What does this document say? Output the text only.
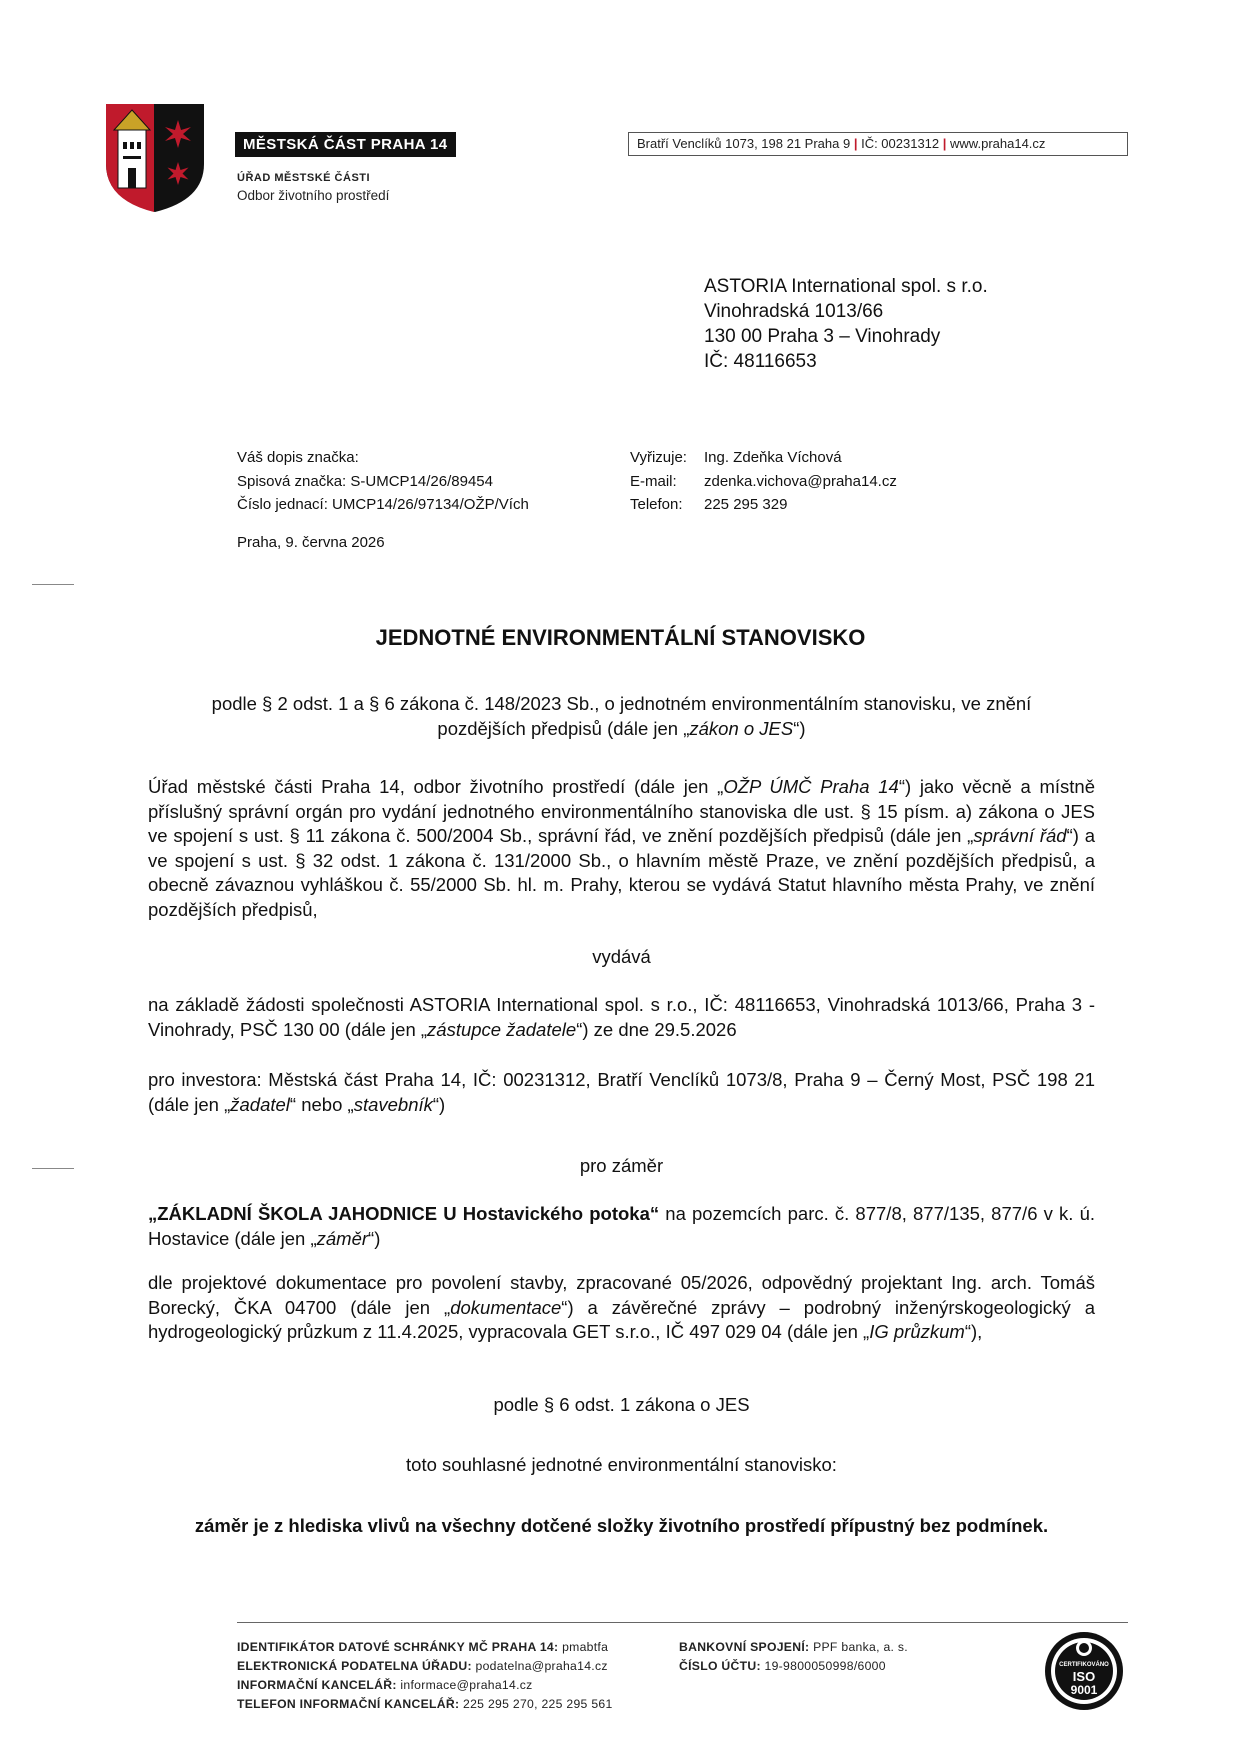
MĚSTSKÁ ČÁST PRAHA 14
ÚŘAD MĚSTSKÉ ČÁSTI
Odbor životního prostředí
Bratří Venclíků 1073, 198 21 Praha 9 | IČ: 00231312 | www.praha14.cz
ASTORIA International spol. s r.o.
Vinohradská 1013/66
130 00 Praha 3 – Vinohrady
IČ: 48116653
Váš dopis značka:
Spisová značka: S-UMCP14/26/89454
Číslo jednací: UMCP14/26/97134/OŽP/Vích
Vyřizuje:
E-mail:
Telefon:
Ing. Zdeňka Víchová
zdenka.vichova@praha14.cz
225 295 329
Praha, 9. června 2026
JEDNOTNÉ ENVIRONMENTÁLNÍ STANOVISKO
podle § 2 odst. 1 a § 6 zákona č. 148/2023 Sb., o jednotném environmentálním stanovisku, ve znění
pozdějších předpisů (dále jen „zákon o JES“)

Úřad městské části Praha 14, odbor životního prostředí (dále jen „OŽP ÚMČ Praha 14“) jako věcně a místně příslušný správní orgán pro vydání jednotného environmentálního stanoviska dle ust. § 15 písm. a) zákona o JES ve spojení s ust. § 11 zákona č. 500/2004 Sb., správní řád, ve znění pozdějších předpisů (dále jen „správní řád“) a ve spojení s ust. § 32 odst. 1 zákona č. 131/2000 Sb., o hlavním městě Praze, ve znění pozdějších předpisů, a obecně závaznou vyhláškou č. 55/2000 Sb. hl. m. Prahy, kterou se vydává Statut hlavního města Prahy, ve znění pozdějších předpisů,

vydává

na základě žádosti společnosti ASTORIA International spol. s r.o., IČ: 48116653, Vinohradská 1013/66, Praha 3 - Vinohrady, PSČ 130 00 (dále jen „zástupce žadatele“) ze dne 29.5.2026

pro investora: Městská část Praha 14, IČ: 00231312, Bratří Venclíků 1073/8, Praha 9 – Černý Most, PSČ 198 21 (dále jen „žadatel“ nebo „stavebník“)

pro záměr

„ZÁKLADNÍ ŠKOLA JAHODNICE U Hostavického potoka“ na pozemcích parc. č. 877/8, 877/135, 877/6 v k. ú. Hostavice (dále jen „záměr“)

dle projektové dokumentace pro povolení stavby, zpracované 05/2026, odpovědný projektant Ing. arch. Tomáš Borecký, ČKA 04700 (dále jen „dokumentace“) a závěrečné zprávy – podrobný inženýrskogeologický a hydrogeologický průzkum z 11.4.2025, vypracovala GET s.r.o., IČ 497 029 04 (dále jen „IG průzkum“),

podle § 6 odst. 1 zákona o JES
toto souhlasné jednotné environmentální stanovisko:
záměr je z hlediska vlivů na všechny dotčené složky životního prostředí přípustný bez podmínek.
IDENTIFIKÁTOR DATOVÉ SCHRÁNKY MČ PRAHA 14: pmabtfa
ELEKTRONICKÁ PODATELNA ÚŘADU: podatelna@praha14.cz
INFORMAČNÍ KANCELÁŘ: informace@praha14.cz
TELEFON INFORMAČNÍ KANCELÁŘ: 225 295 270, 225 295 561
BANKOVNÍ SPOJENÍ: PPF banka, a. s.
ČÍSLO ÚČTU: 19-9800050998/6000	CERTIFIKOVÁNO
ISO
9001
